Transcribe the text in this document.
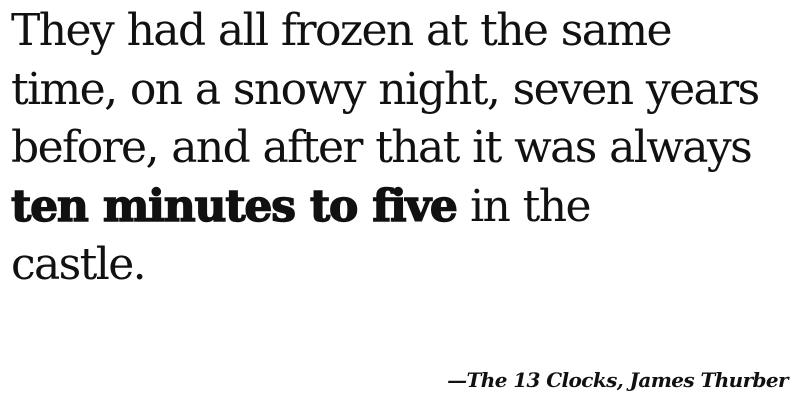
They had all frozen at the same
time, on a snowy night, seven years
before, and after that it was always
ten minutes to five in the
castle.
—The 13 Clocks, James Thurber
